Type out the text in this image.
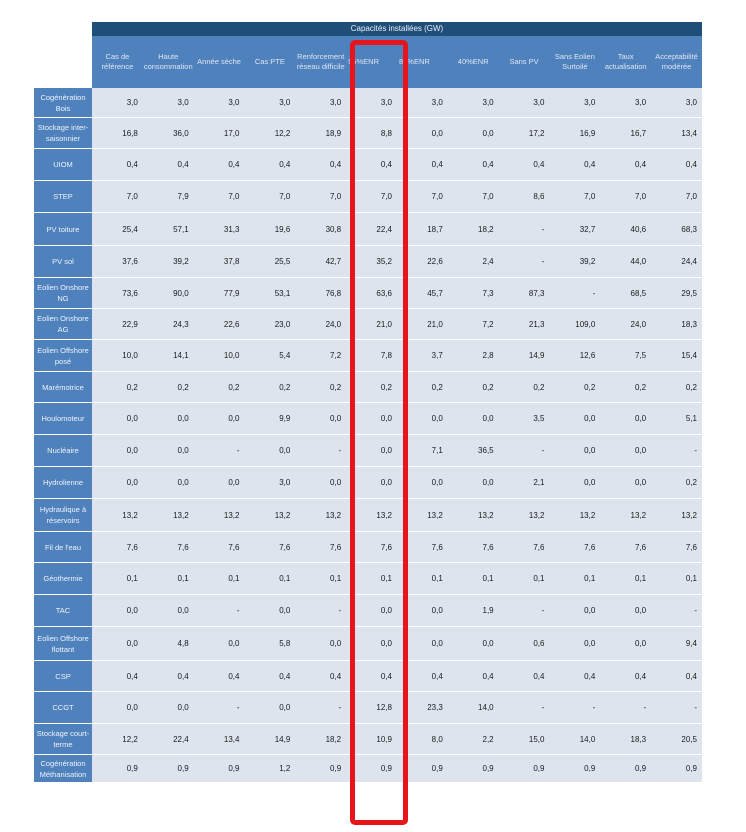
	Capacités installées (GW)											
	Cas de référence	Haute consommation	Année sèche	Cas PTE	Renforcement réseau difficile	95%ENR	80%ENR	40%ENR	Sans PV	Sans Eolien Surtoilé	Taux actualisation	Acceptabilité modérée
Cogénération Bois	3,0	3,0	3,0	3,0	3,0	3,0	3,0	3,0	3,0	3,0	3,0	3,0
Stockage inter-saisonnier	16,8	36,0	17,0	12,2	18,9	8,8	0,0	0,0	17,2	16,9	16,7	13,4
UIOM	0,4	0,4	0,4	0,4	0,4	0,4	0,4	0,4	0,4	0,4	0,4	0,4
STEP	7,0	7,9	7,0	7,0	7,0	7,0	7,0	7,0	8,6	7,0	7,0	7,0
PV toiture	25,4	57,1	31,3	19,6	30,8	22,4	18,7	18,2	-	32,7	40,6	68,3
PV sol	37,6	39,2	37,8	25,5	42,7	35,2	22,6	2,4	-	39,2	44,0	24,4
Eolien Onshore NG	73,6	90,0	77,9	53,1	76,8	63,6	45,7	7,3	87,3	-	68,5	29,5
Eolien Onshore AG	22,9	24,3	22,6	23,0	24,0	21,0	21,0	7,2	21,3	109,0	24,0	18,3
Eolien Offshore posé	10,0	14,1	10,0	5,4	7,2	7,8	3,7	2,8	14,9	12,6	7,5	15,4
Marémotrice	0,2	0,2	0,2	0,2	0,2	0,2	0,2	0,2	0,2	0,2	0,2	0,2
Houlomoteur	0,0	0,0	0,0	9,9	0,0	0,0	0,0	0,0	3,5	0,0	0,0	5,1
Nucléaire	0,0	0,0	-	0,0	-	0,0	7,1	36,5	-	0,0	0,0	-
Hydrolienne	0,0	0,0	0,0	3,0	0,0	0,0	0,0	0,0	2,1	0,0	0,0	0,2
Hydraulique à réservoirs	13,2	13,2	13,2	13,2	13,2	13,2	13,2	13,2	13,2	13,2	13,2	13,2
Fil de l'eau	7,6	7,6	7,6	7,6	7,6	7,6	7,6	7,6	7,6	7,6	7,6	7,6
Géothermie	0,1	0,1	0,1	0,1	0,1	0,1	0,1	0,1	0,1	0,1	0,1	0,1
TAC	0,0	0,0	-	0,0	-	0,0	0,0	1,9	-	0,0	0,0	-
Eolien Offshore flottant	0,0	4,8	0,0	5,8	0,0	0,0	0,0	0,0	0,6	0,0	0,0	9,4
CSP	0,4	0,4	0,4	0,4	0,4	0,4	0,4	0,4	0,4	0,4	0,4	0,4
CCGT	0,0	0,0	-	0,0	-	12,8	23,3	14,0	-	-	-	-
Stockage court-terme	12,2	22,4	13,4	14,9	18,2	10,9	8,0	2,2	15,0	14,0	18,3	20,5
Cogénération Méthanisation	0,9	0,9	0,9	1,2	0,9	0,9	0,9	0,9	0,9	0,9	0,9	0,9
